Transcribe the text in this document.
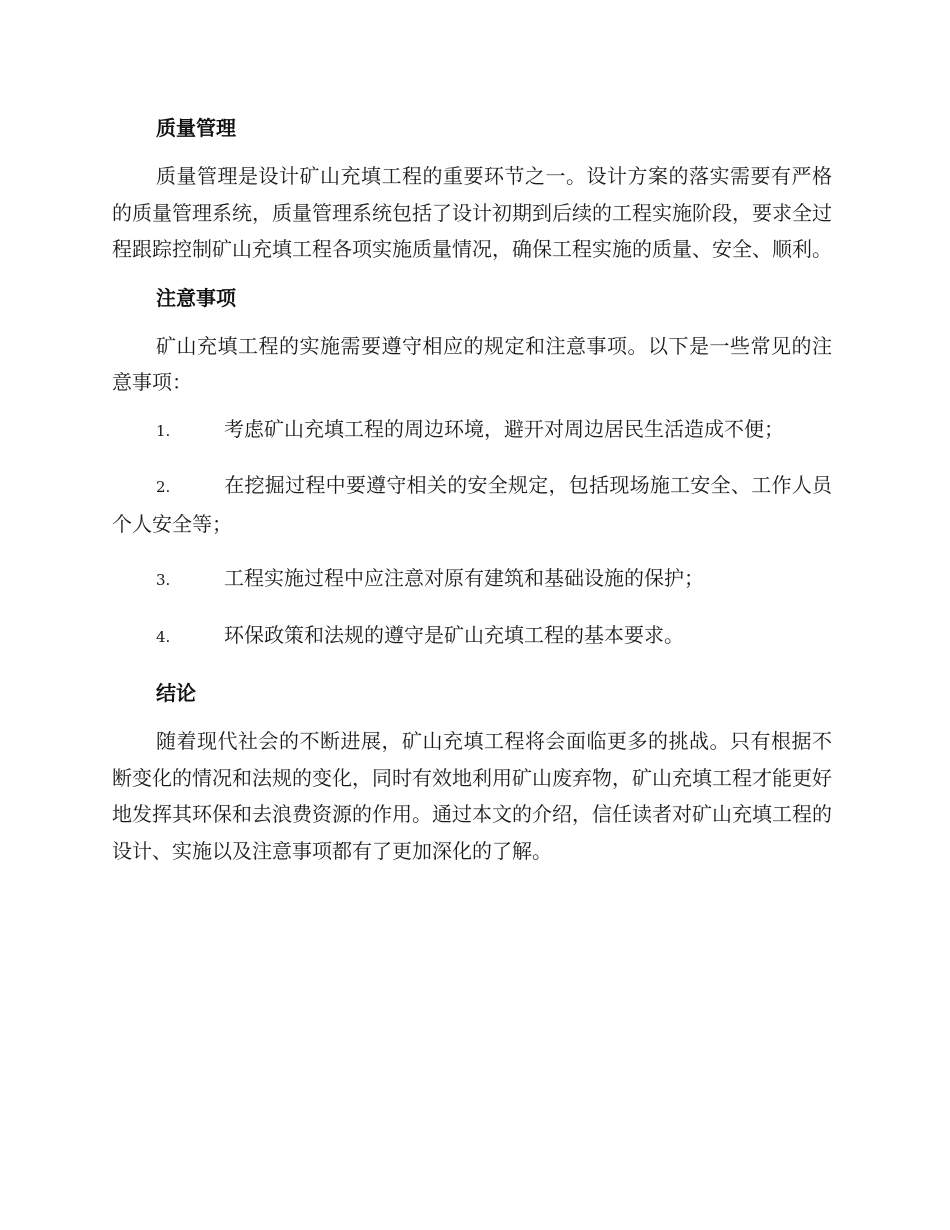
质量管理

质量管理是设计矿山充填工程的重要环节之一。设计方案的落实需要有严格的质量管理系统，质量管理系统包括了设计初期到后续的工程实施阶段，要求全过程跟踪控制矿山充填工程各项实施质量情况，确保工程实施的质量、安全、顺利。

注意事项

矿山充填工程的实施需要遵守相应的规定和注意事项。以下是一些常见的注意事项：

1.	考虑矿山充填工程的周边环境，避开对周边居民生活造成不便；
2.	在挖掘过程中要遵守相关的安全规定，包括现场施工安全、工作人员个人安全等；
3.	工程实施过程中应注意对原有建筑和基础设施的保护；
4.	环保政策和法规的遵守是矿山充填工程的基本要求。
结论

随着现代社会的不断进展，矿山充填工程将会面临更多的挑战。只有根据不断变化的情况和法规的变化，同时有效地利用矿山废弃物，矿山充填工程才能更好地发挥其环保和去浪费资源的作用。通过本文的介绍，信任读者对矿山充填工程的设计、实施以及注意事项都有了更加深化的了解。
